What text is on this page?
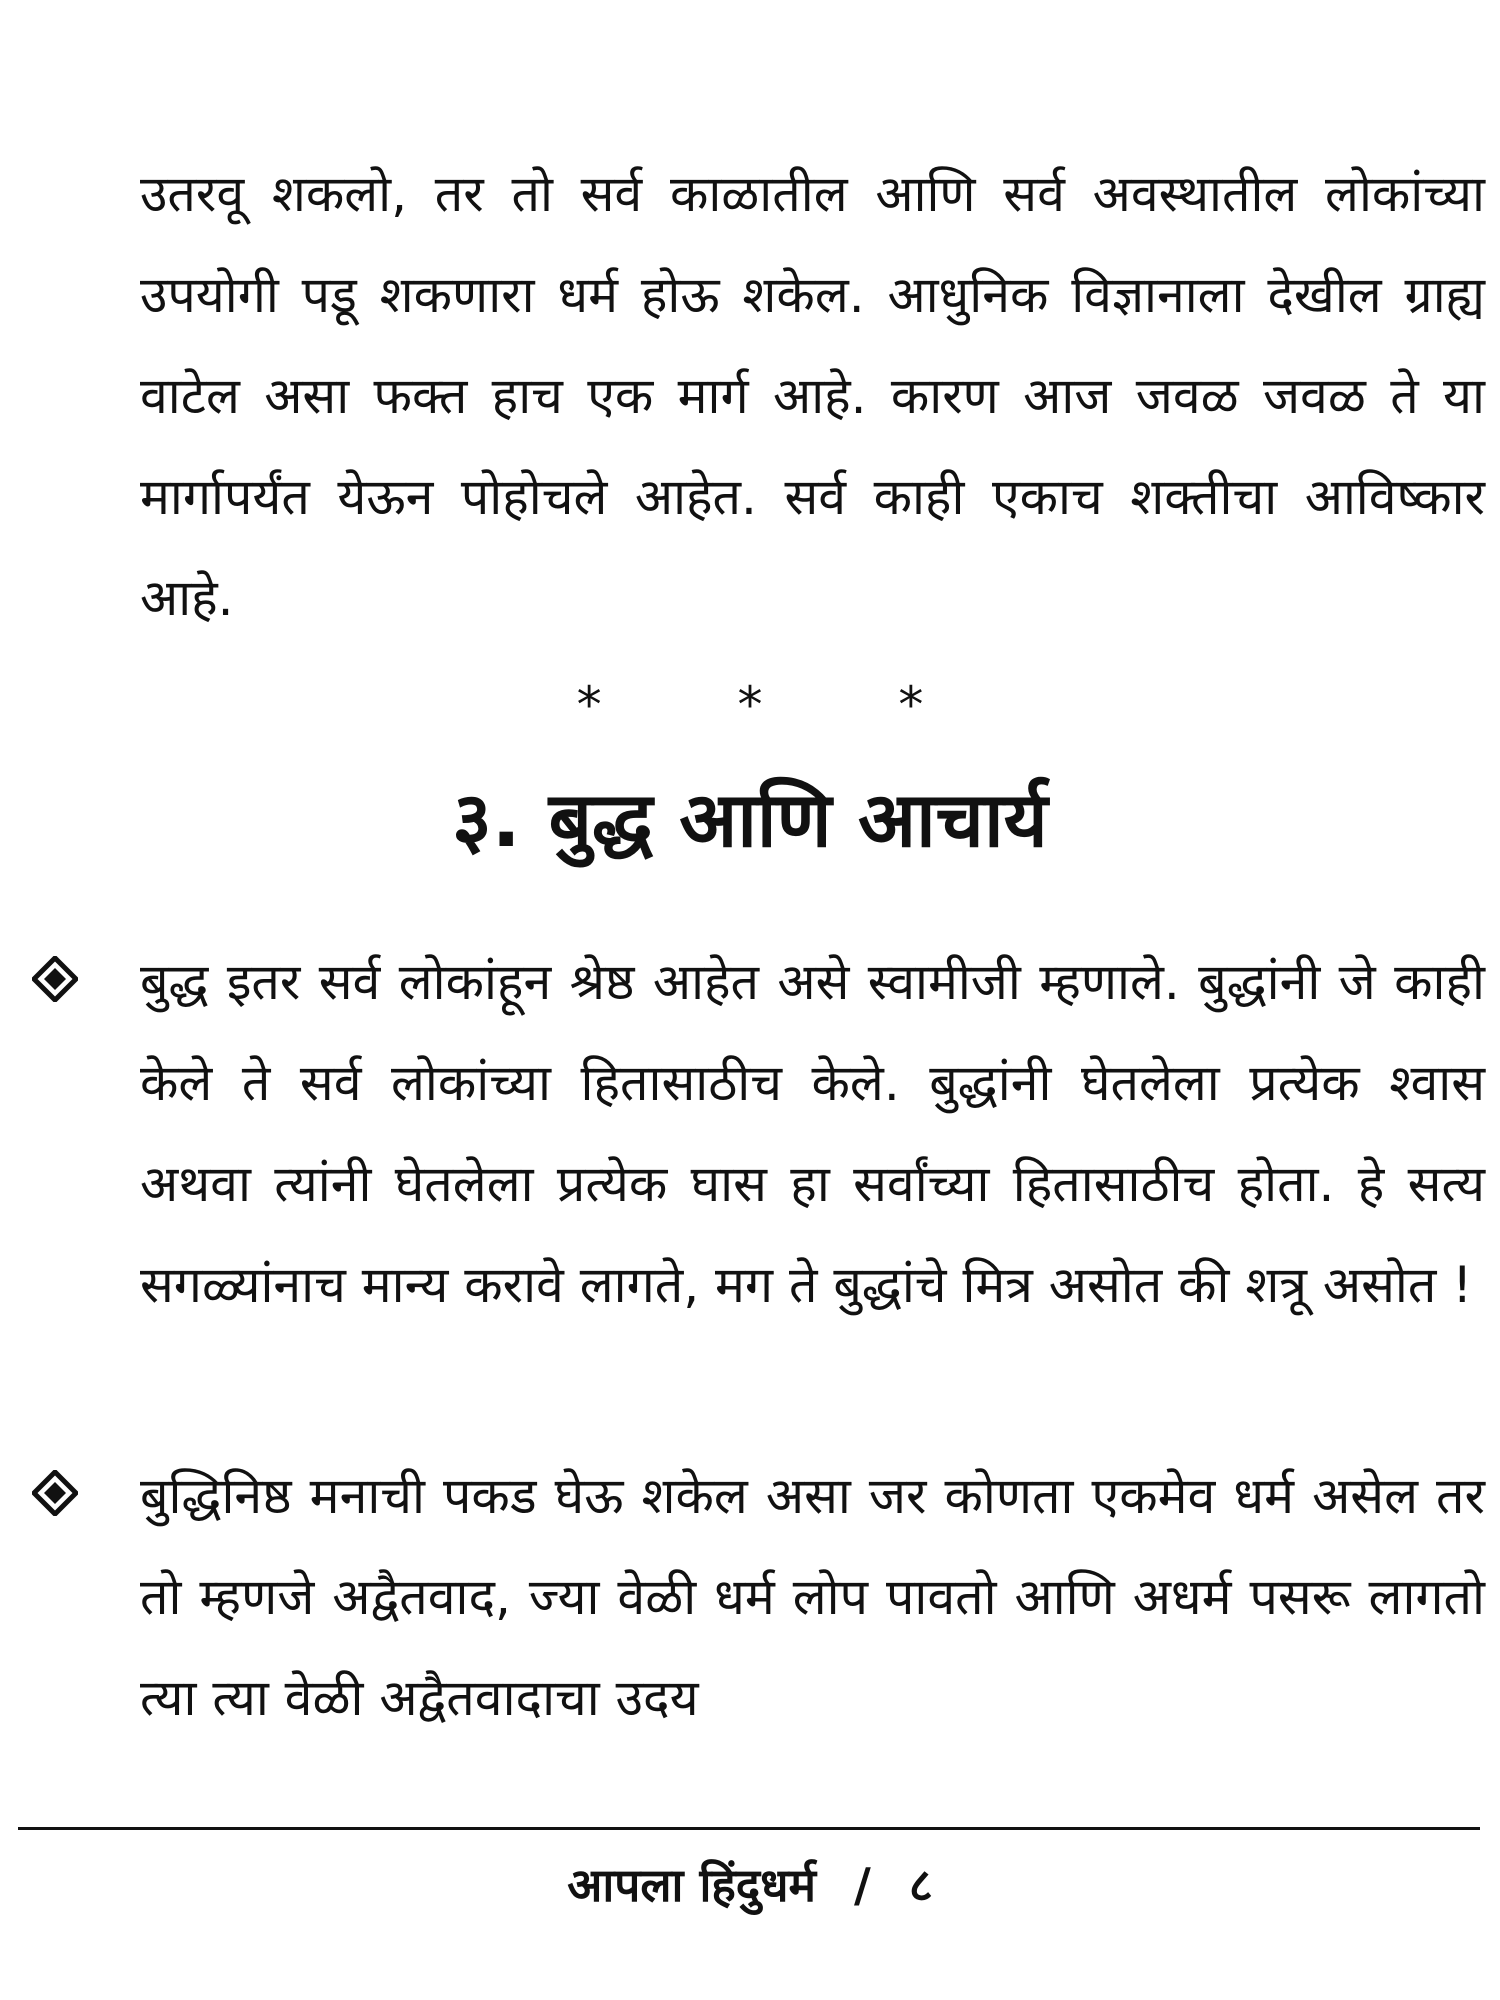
उतरवू शकलो, तर तो सर्व काळातील आणि सर्व अवस्थातील लोकांच्या उपयोगी पडू शकणारा धर्म होऊ शकेल. आधुनिक विज्ञानाला देखील ग्राह्य वाटेल असा फक्त हाच एक मार्ग आहे. कारण आज जवळ जवळ ते या मार्गापर्यंत येऊन पोहोचले आहेत. सर्व काही एकाच शक्तीचा आविष्कार आहे.
* * *
३. बुद्ध आणि आचार्य
बुद्ध इतर सर्व लोकांहून श्रेष्ठ आहेत असे स्वामीजी म्हणाले. बुद्धांनी जे काही केले ते सर्व लोकांच्या हितासाठीच केले. बुद्धांनी घेतलेला प्रत्येक श्वास अथवा त्यांनी घेतलेला प्रत्येक घास हा सर्वांच्या हितासाठीच होता. हे सत्य सगळ्यांनाच मान्य करावे लागते, मग ते बुद्धांचे मित्र असोत की शत्रू असोत !
बुद्धिनिष्ठ मनाची पकड घेऊ शकेल असा जर कोणता एकमेव धर्म असेल तर तो म्हणजे अद्वैतवाद, ज्या वेळी धर्म लोप पावतो आणि अधर्म पसरू लागतो त्या त्या वेळी अद्वैतवादाचा उदय
आपला हिंदुधर्म / ८
